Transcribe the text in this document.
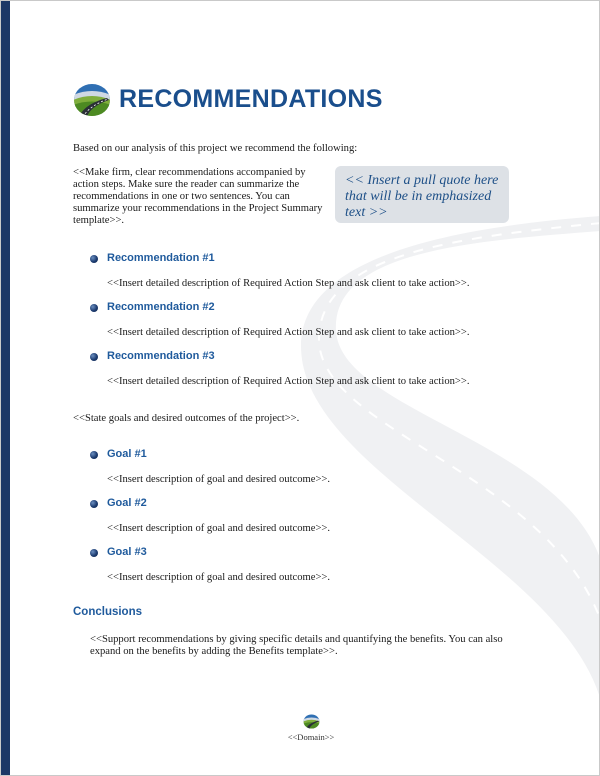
RECOMMENDATIONS

Based on our analysis of this project we recommend the following:

<<Make firm, clear recommendations accompanied by action steps. Make sure the reader can summarize the recommendations in one or two sentences. You can summarize your recommendations in the Project Summary template>>.

<< Insert a pull quote here that will be in emphasized text >>
Recommendation #1

<<Insert detailed description of Required Action Step and ask client to take action>>.

Recommendation #2

<<Insert detailed description of Required Action Step and ask client to take action>>.

Recommendation #3

<<Insert detailed description of Required Action Step and ask client to take action>>.

<<State goals and desired outcomes of the project>>.

Goal #1

<<Insert description of goal and desired outcome>>.

Goal #2

<<Insert description of goal and desired outcome>>.

Goal #3

<<Insert description of goal and desired outcome>>.

Conclusions

<<Support recommendations by giving specific details and quantifying the benefits. You can also expand on the benefits by adding the Benefits template>>.

<<Domain>>
